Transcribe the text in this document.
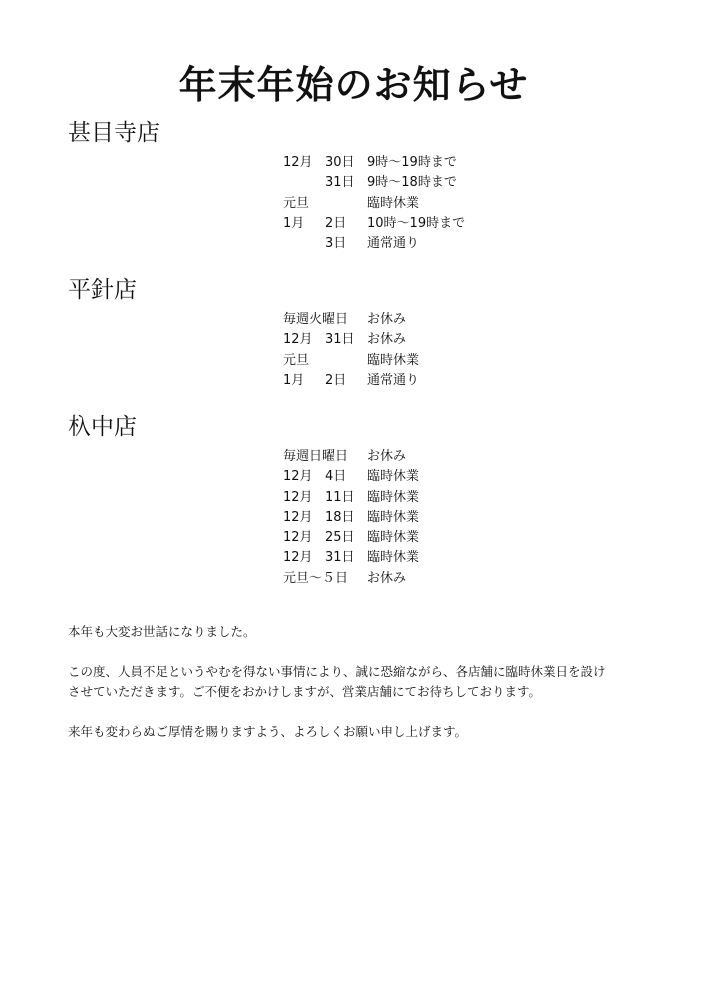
年末年始のお知らせ
甚目寺店
12月 30日 9時〜19時まで
31日 9時〜18時まで
元旦	臨時休業
1月 2日 10時〜19時まで
3日 通常通り
平針店
毎週火曜日 お休み
12月 31日 お休み
元旦	臨時休業
1月 2日 通常通り
杁中店
毎週日曜日 お休み
12月 4日 臨時休業
12月 11日 臨時休業
12月 18日 臨時休業
12月 25日 臨時休業
12月 31日 臨時休業
元旦〜５日 お休み
本年も大変お世話になりました。
この度、人員不足というやむを得ない事情により、誠に恐縮ながら、各店舗に臨時休業日を設け
させていただきます。ご不便をおかけしますが、営業店舗にてお待ちしております。
来年も変わらぬご厚情を賜りますよう、よろしくお願い申し上げます。
